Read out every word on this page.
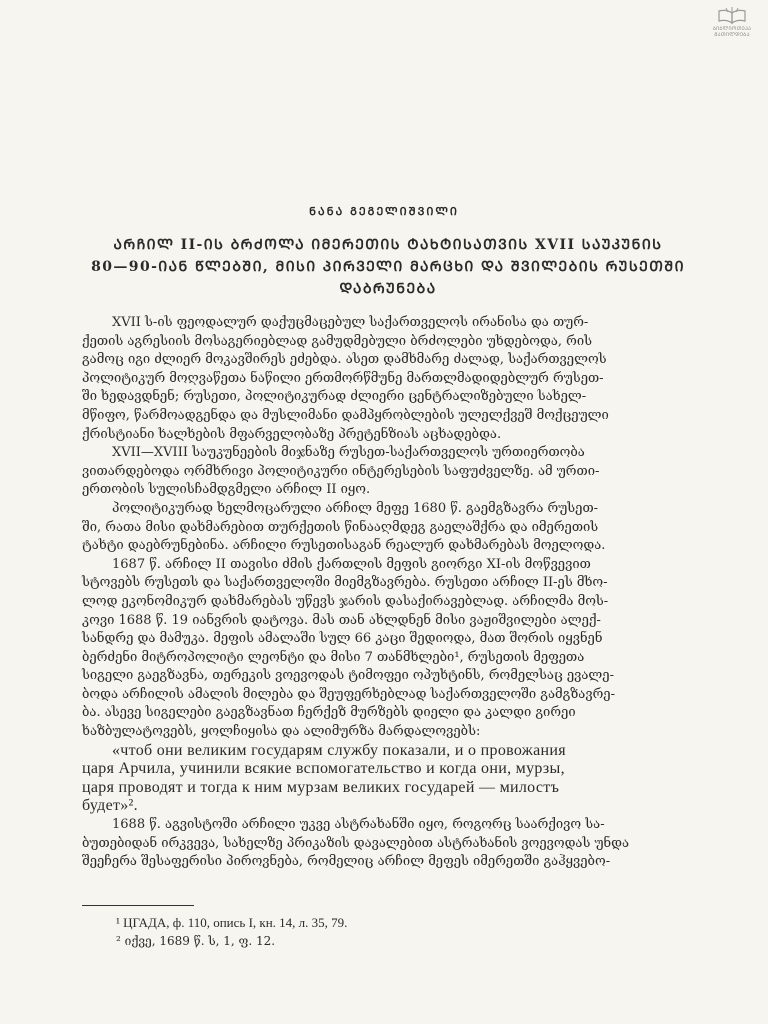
ᲑᲘᲑᲚᲘᲝᲗᲔᲙᲐ
ᲛᲐᲗᲘᲚᲓᲔᲑᲐ
ᲜᲐᲜᲐ ᲒᲔᲒᲔᲚᲘᲨᲕᲘᲚᲘ
ᲐᲠᲩᲘᲚ II-ᲘᲡ ᲑᲠᲫᲝᲚᲐ ᲘᲛᲔᲠᲔᲗᲘᲡ ᲢᲐᲮᲢᲘᲡᲐᲗᲕᲘᲡ XVII ᲡᲐᲣᲙᲣᲜᲘᲡ
80—90-ᲘᲐᲜ ᲬᲚᲔᲑᲨᲘ, ᲛᲘᲡᲘ ᲞᲘᲠᲕᲔᲚᲘ ᲛᲐᲠᲪᲮᲘ ᲓᲐ ᲨᲕᲘᲚᲔᲑᲘᲡ ᲠᲣᲡᲔᲗᲨᲘ
ᲓᲐᲑᲠᲣᲜᲔᲑᲐ
XVII ს-ის ფეოდალურ დაქუცმაცებულ საქართველოს ირანისა და თურ-
ქეთის აგრესიის მოსაგერიებლად გამუდმებული ბრძოლები უხდებოდა, რის
გამოც იგი ძლიერ მოკავშირეს ეძებდა. ასეთ დამხმარე ძალად, საქართველოს
პოლიტიკურ მოღვაწეთა ნაწილი ერთმორწმუნე მართლმადიდებლურ რუსეთ-
ში ხედავდნენ; რუსეთი, პოლიტიკურად ძლიერი ცენტრალიზებული სახელ-
მწიფო, წარმოადგენდა და მუსლიმანი დამპყრობლების ულელქვეშ მოქცეული
ქრისტიანი ხალხების მფარველობაზე პრეტენზიას აცხადებდა.
XVII—XVIII საუკუნეების მიჯნაზე რუსეთ-საქართველოს ურთიერთობა
ვითარდებოდა ორმხრივი პოლიტიკური ინტერესების საფუძველზე. ამ ურთი-
ერთობის სულისჩამდგმელი არჩილ II იყო.
პოლიტიკურად ხელმოცარული არჩილ მეფე 1680 წ. გაემგზავრა რუსეთ-
ში, რათა მისი დახმარებით თურქეთის წინააღმდეგ გაელაშქრა და იმერეთის
ტახტი დაებრუნებინა. არჩილი რუსეთისაგან რეალურ დახმარებას მოელოდა.
1687 წ. არჩილ II თავისი ძმის ქართლის მეფის გიორგი XI-ის მოწვევით
სტოვებს რუსეთს და საქართველოში მიემგზავრება. რუსეთი არჩილ II-ეს მხო-
ლოდ ეკონომიკურ დახმარებას უწევს ჯარის დასაქირავებლად. არჩილმა მოს-
კოვი 1688 წ. 19 იანვრის დატოვა. მას თან ახლდნენ მისი ვაჟიშვილები ალექ-
სანდრე და მამუკა. მეფის ამალაში სულ 66 კაცი შედიოდა, მათ შორის იყვნენ
ბერძენი მიტროპოლიტი ლეონტი და მისი 7 თანმხლები¹, რუსეთის მეფეთა
სიგელი გაეგზავნა, თერეკის ვოევოდას ტიმოფეი ოპუხტინს, რომელსაც ევალე-
ბოდა არჩილის ამალის მილება და შეუფერხებლად საქართველოში გამგზავრე-
ბა. ასევე სიგელები გაეგზავნათ ჩერქეზ მურზებს დიელი და კალდი გირეი
ხაზბულატოვებს, ყოლჩიყისა და ალიმურზა მარდალოვებს:
«чтоб они великим государям службу показали, и о провожания
царя Арчила, учинили всякие вспомогательство и когда они, мурзы,
царя проводят и тогда к ним мурзам великих государей — милостъ
будет»².
1688 წ. აგვისტოში არჩილი უკვე ასტრახანში იყო, როგორც საარქივო სა-
ბუთებიდან ირკვევა, სახელზე პრიკაზის დავალებით ასტრახანის ვოევოდას უნდა
შეეჩერა შესაფერისი პიროვნება, რომელიც არჩილ მეფეს იმერეთში გაჰყვებო-
¹ ЦГАДА, ф. 110, опись I, кн. 14, л. 35, 79.
² იქვე, 1689 წ. ს, 1, ფ. 12.
